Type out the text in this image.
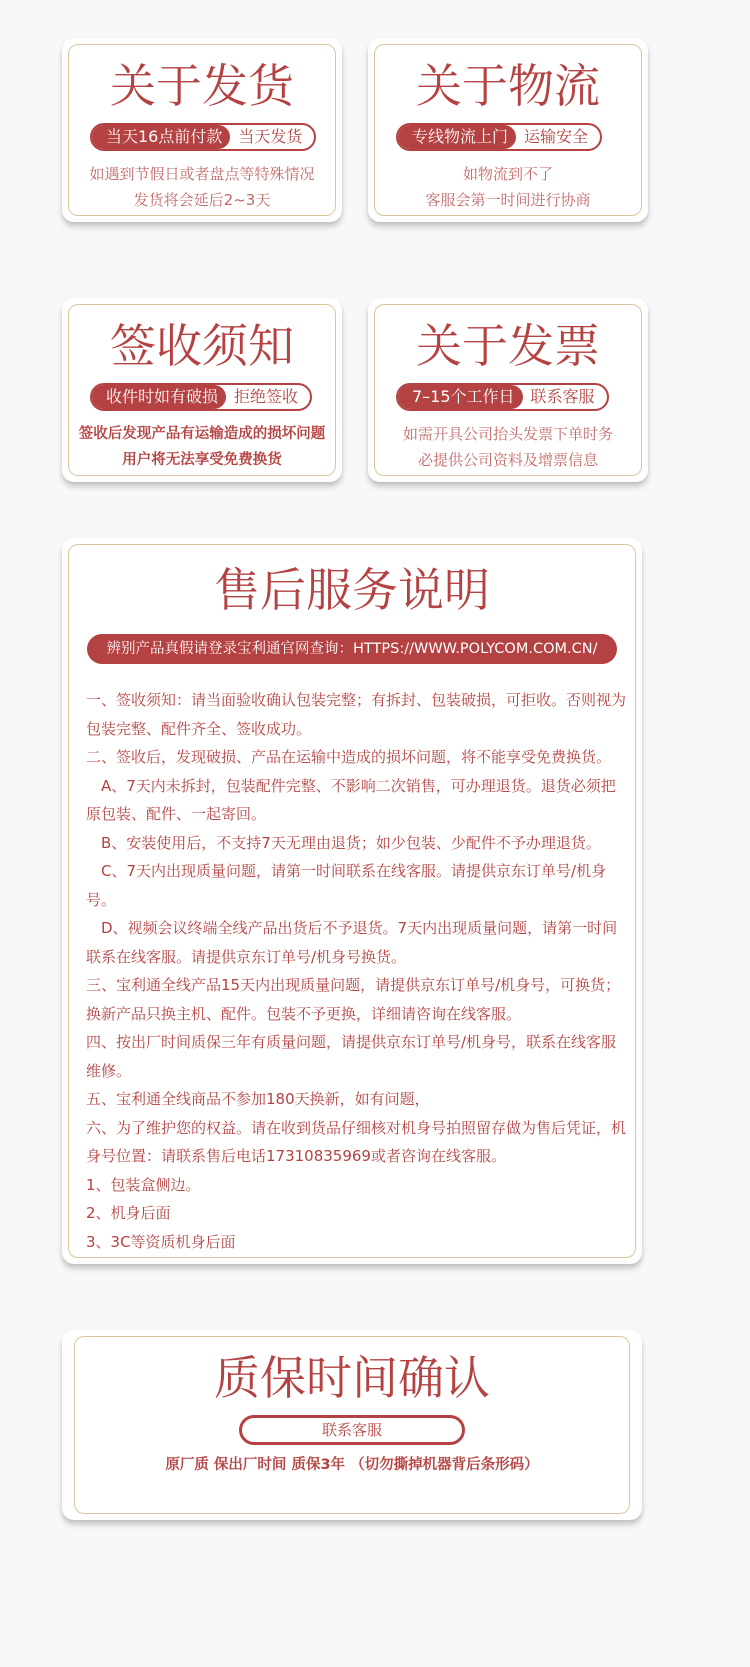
关于发货
当天16点前付款	当天发货
如遇到节假日或者盘点等特殊情况
发货将会延后2~3天
关于物流
专线物流上门	运输安全
如物流到不了
客服会第一时间进行协商
签收须知
收件时如有破损	拒绝签收
签收后发现产品有运输造成的损坏问题
用户将无法享受免费换货
关于发票
7–15个工作日	联系客服
如需开具公司抬头发票下单时务
必提供公司资料及增票信息
售后服务说明
辨别产品真假请登录宝利通官网查询：HTTPS://WWW.POLYCOM.COM.CN/

一、签收须知：请当面验收确认包装完整；有拆封、包装破损，可拒收。否则视为包装完整、配件齐全、签收成功。

二、签收后，发现破损、产品在运输中造成的损坏问题，将不能享受免费换货。

　A、7天内未拆封，包装配件完整、不影响二次销售，可办理退货。退货必须把原包装、配件、一起寄回。

　B、安装使用后，不支持7天无理由退货；如少包装、少配件不予办理退货。

　C、7天内出现质量问题，请第一时间联系在线客服。请提供京东订单号/机身号。

　D、视频会议终端全线产品出货后不予退货。7天内出现质量问题，请第一时间联系在线客服。请提供京东订单号/机身号换货。

三、宝利通全线产品15天内出现质量问题，请提供京东订单号/机身号，可换货；换新产品只换主机、配件。包装不予更换，详细请咨询在线客服。

四、按出厂时间质保三年有质量问题，请提供京东订单号/机身号，联系在线客服维修。

五、宝利通全线商品不参加180天换新，如有问题，

六、为了维护您的权益。请在收到货品仔细核对机身号拍照留存做为售后凭证，机身号位置：请联系售后电话17310835969或者咨询在线客服。

1、包装盒侧边。

2、机身后面

3、3C等资质机身后面

质保时间确认
联系客服
原厂质 保出厂时间 质保3年 （切勿撕掉机器背后条形码）
